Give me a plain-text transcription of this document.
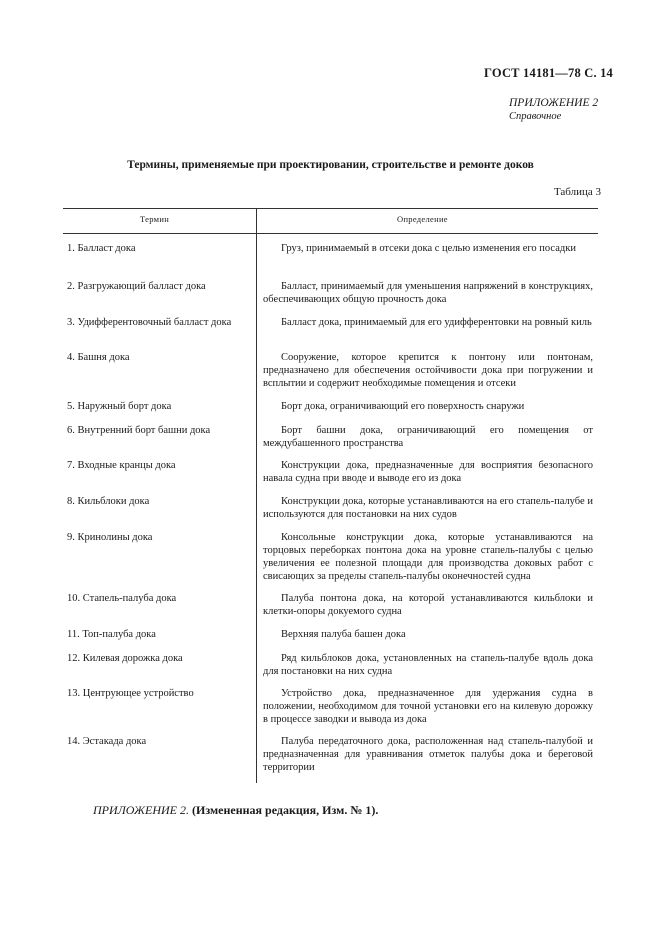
ГОСТ 14181—78 С. 14
ПРИЛОЖЕНИЕ 2
Справочное
Термины, применяемые при проектировании, строительстве и ремонте доков
Таблица 3
Термин	Определение
1. Балласт дока	Груз, принимаемый в отсеки дока с целью изменения его посадки
2. Разгружающий балласт дока	Балласт, принимаемый для уменьшения напряжений в конструкциях, обеспечивающих общую прочность дока
3. Удифферентовочный балласт дока	Балласт дока, принимаемый для его удифферентовки на ровный киль
4. Башня дока	Сооружение, которое крепится к понтону или понтонам, предназначено для обеспечения остойчивости дока при погружении и всплытии и содержит необходимые помещения и отсеки
5. Наружный борт дока	Борт дока, ограничивающий его поверхность снаружи
6. Внутренний борт башни дока	Борт башни дока, ограничивающий его помещения от междубашенного пространства
7. Входные кранцы дока	Конструкции дока, предназначенные для восприятия безопасного навала судна при вводе и выводе его из дока
8. Кильблоки дока	Конструкции дока, которые устанавливаются на его стапель-палубе и используются для постановки на них судов
9. Кринолины дока	Консольные конструкции дока, которые устанавливаются на торцовых переборках понтона дока на уровне стапель-палубы с целью увеличения ее полезной площади для производства доковых работ с свисающих за пределы стапель-палубы оконечностей судна
10. Стапель-палуба дока	Палуба понтона дока, на которой устанавливаются кильблоки и клетки-опоры докуемого судна
11. Топ-палуба дока	Верхняя палуба башен дока
12. Килевая дорожка дока	Ряд кильблоков дока, установленных на стапель-палубе вдоль дока для постановки на них судна
13. Центрующее устройство	Устройство дока, предназначенное для удержания судна в положении, необходимом для точной установки его на килевую дорожку в процессе заводки и вывода из дока
14. Эстакада дока	Палуба передаточного дока, расположенная над стапель-палубой и предназначенная для уравнивания отметок палубы дока и береговой территории
ПРИЛОЖЕНИЕ 2. (Измененная редакция, Изм. № 1).
